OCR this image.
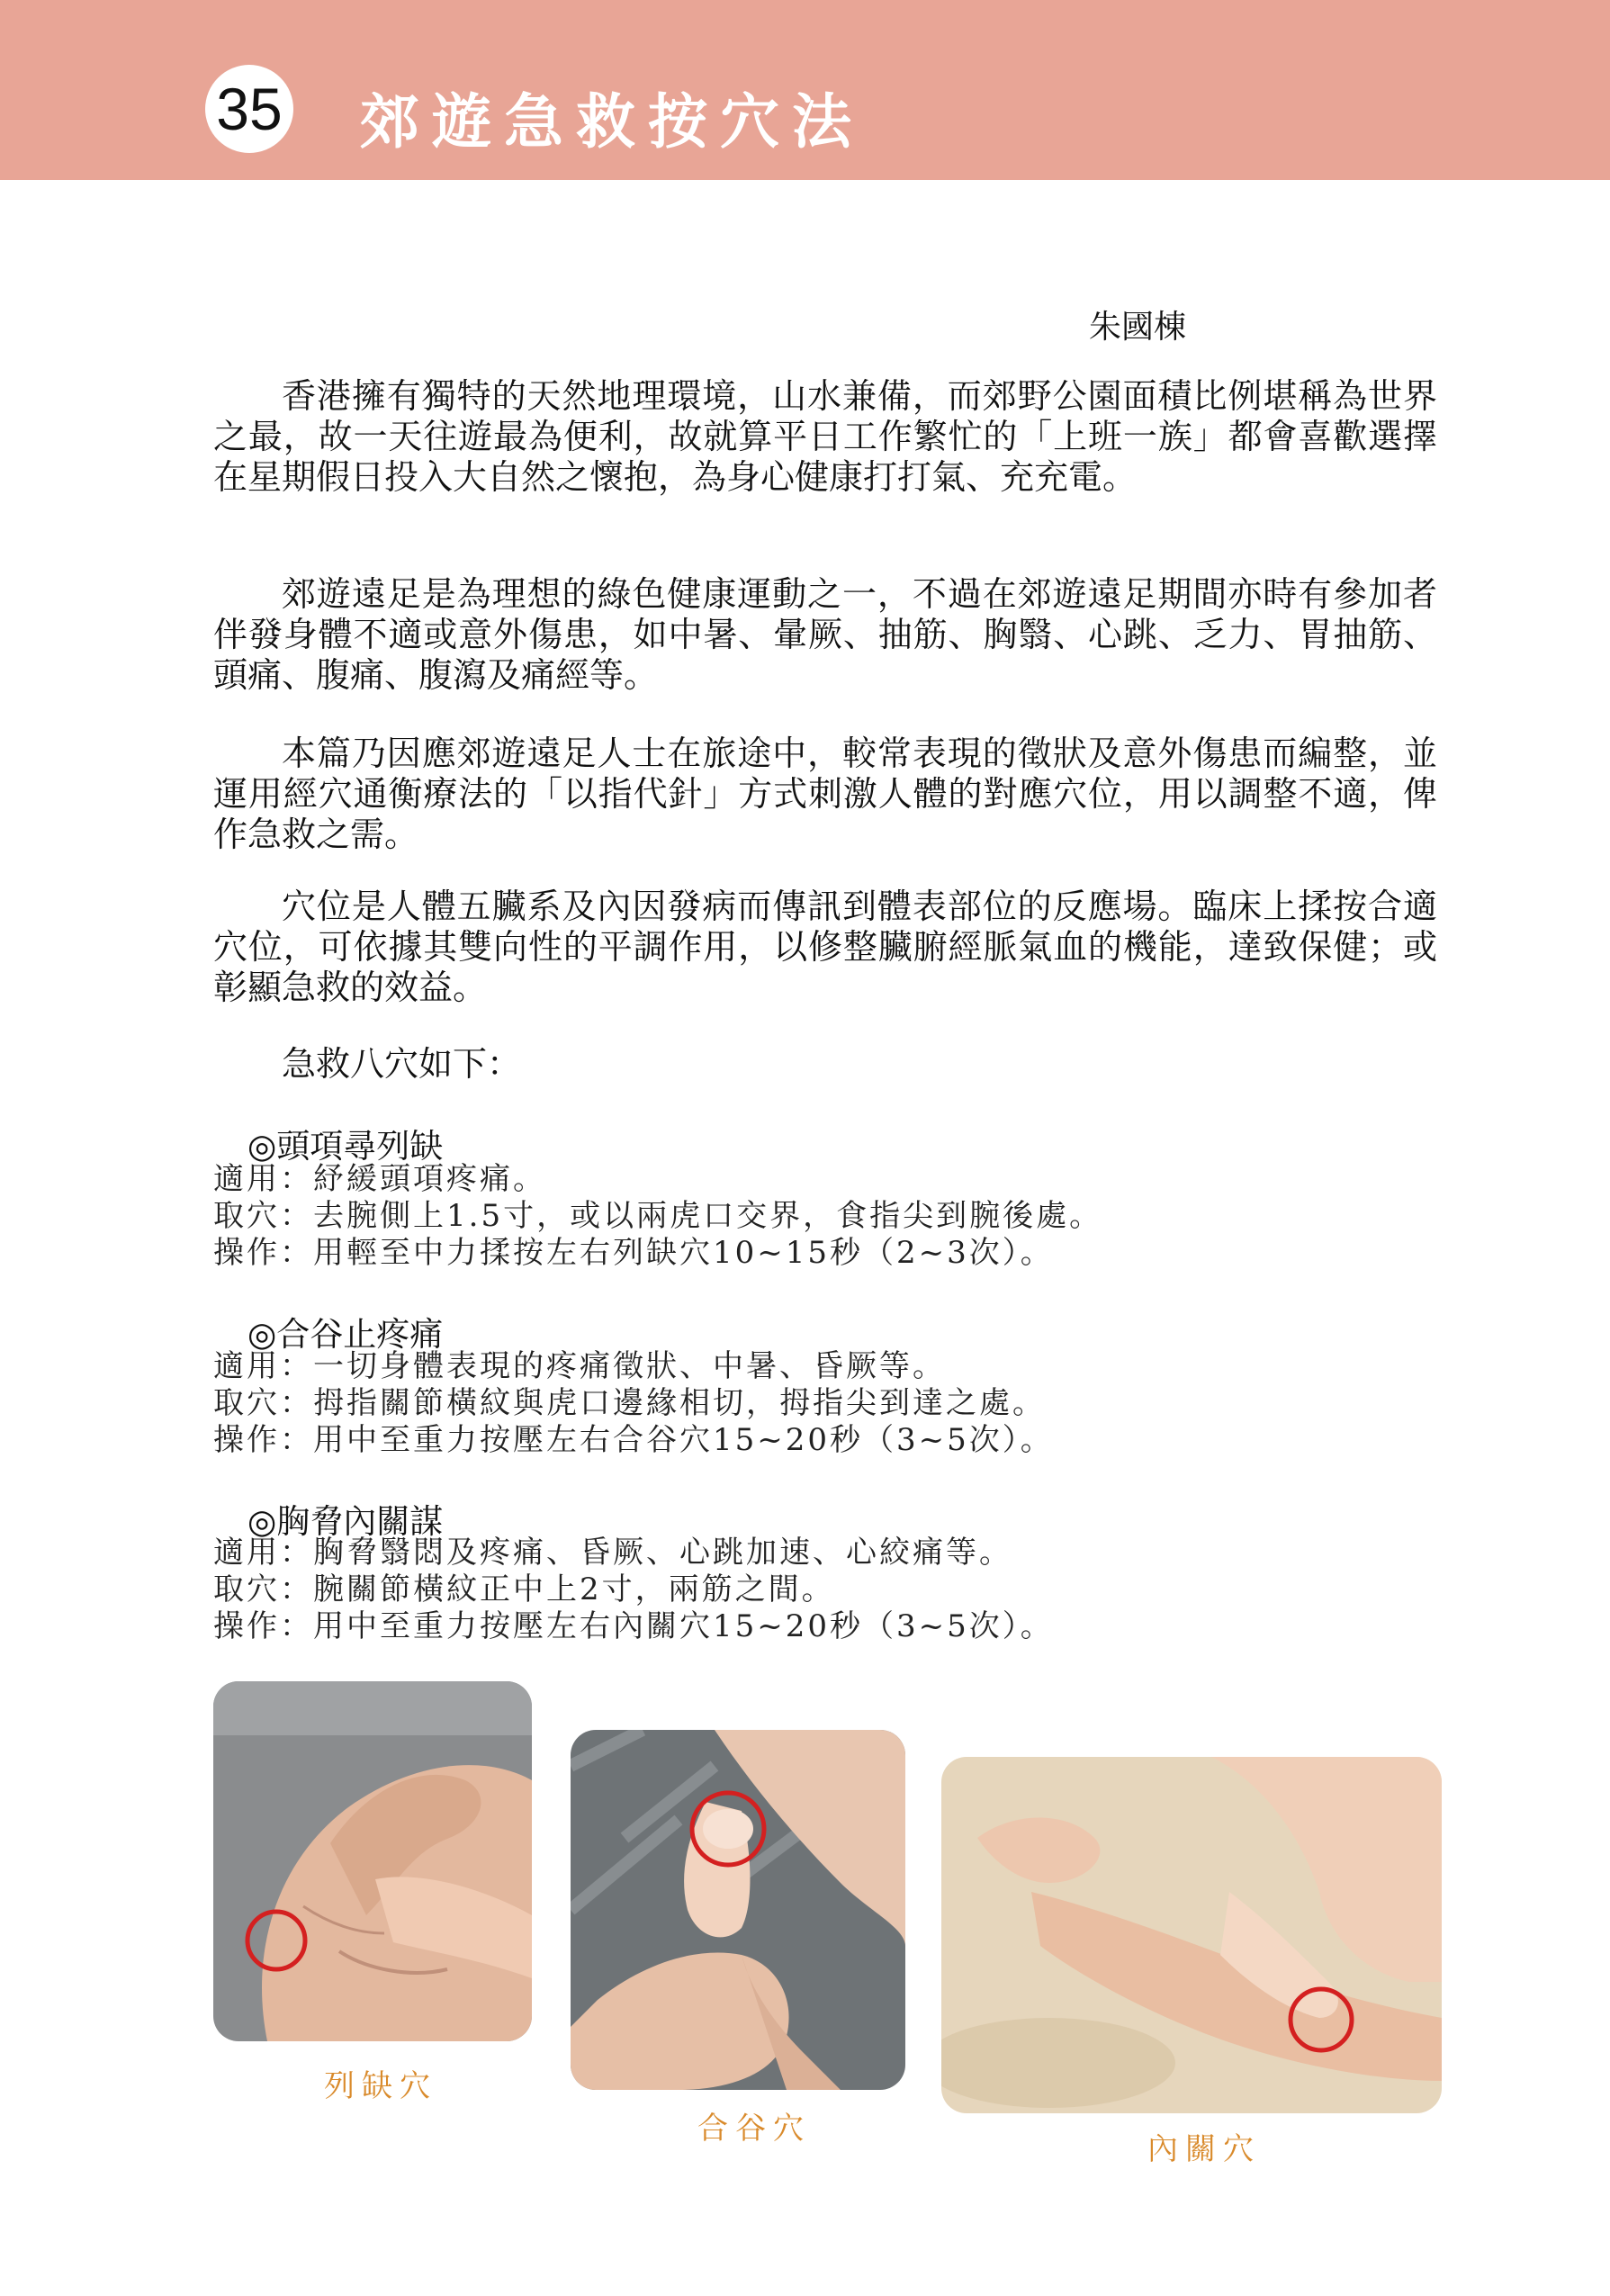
35 郊遊急救按穴法
朱國棟

香港擁有獨特的天然地理環境，山水兼備，而郊野公園面積比例堪稱為世界之最，故一天往遊最為便利，故就算平日工作繁忙的「上班一族」都會喜歡選擇在星期假日投入大自然之懷抱，為身心健康打打氣、充充電。

郊遊遠足是為理想的綠色健康運動之一，不過在郊遊遠足期間亦時有參加者伴發身體不適或意外傷患，如中暑、暈厥、抽筋、胸翳、心跳、乏力、胃抽筋、頭痛、腹痛、腹瀉及痛經等。

本篇乃因應郊遊遠足人士在旅途中，較常表現的徵狀及意外傷患而編整，並運用經穴通衡療法的「以指代針」方式刺激人體的對應穴位，用以調整不適，俾作急救之需。

穴位是人體五臟系及內因發病而傳訊到體表部位的反應場。臨床上揉按合適穴位，可依據其雙向性的平調作用，以修整臟腑經脈氣血的機能，達致保健；或彰顯急救的效益。

急救八穴如下：

◎頭項尋列缺
適用：紓緩頭項疼痛。
取穴：去腕側上1.5寸，或以兩虎口交界，食指尖到腕後處。
操作：用輕至中力揉按左右列缺穴10~15秒（2~3次）。
◎合谷止疼痛
適用：一切身體表現的疼痛徵狀、中暑、昏厥等。
取穴：拇指關節橫紋與虎口邊緣相切，拇指尖到達之處。
操作：用中至重力按壓左右合谷穴15~20秒（3~5次）。
◎胸脅內關謀
適用：胸脅翳悶及疼痛、昏厥、心跳加速、心絞痛等。
取穴：腕關節橫紋正中上2寸，兩筋之間。
操作：用中至重力按壓左右內關穴15~20秒（3~5次）。
列缺穴
合谷穴
內關穴
